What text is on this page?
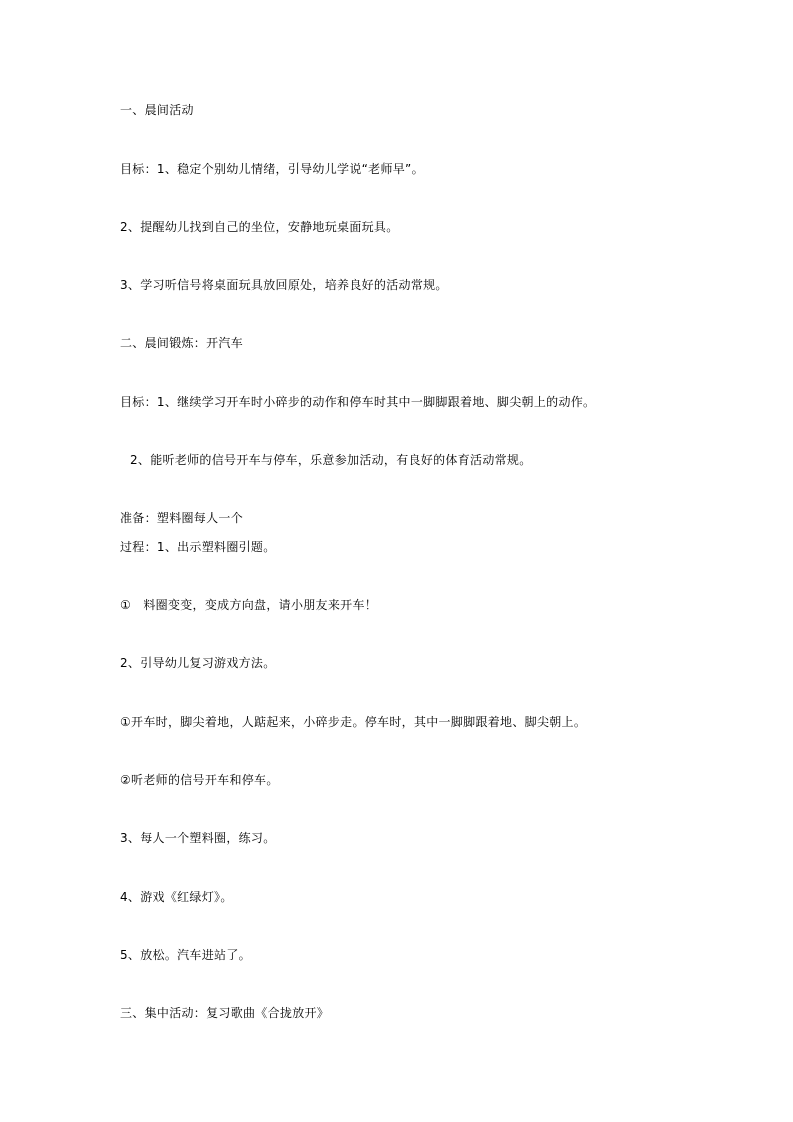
一、晨间活动
目标：1、稳定个别幼儿情绪，引导幼儿学说“老师早”。
2、提醒幼儿找到自己的坐位，安静地玩桌面玩具。
3、学习听信号将桌面玩具放回原处，培养良好的活动常规。
二、晨间锻炼：开汽车
目标：1、继续学习开车时小碎步的动作和停车时其中一脚脚跟着地、脚尖朝上的动作。
2、能听老师的信号开车与停车，乐意参加活动，有良好的体育活动常规。
准备：塑料圈每人一个
过程：1、出示塑料圈引题。
①　料圈变变，变成方向盘，请小朋友来开车！
2、引导幼儿复习游戏方法。
①开车时，脚尖着地，人踮起来，小碎步走。停车时，其中一脚脚跟着地、脚尖朝上。
②听老师的信号开车和停车。
3、每人一个塑料圈，练习。
4、游戏《红绿灯》。
5、放松。汽车进站了。
三、集中活动：复习歌曲《合拢放开》
